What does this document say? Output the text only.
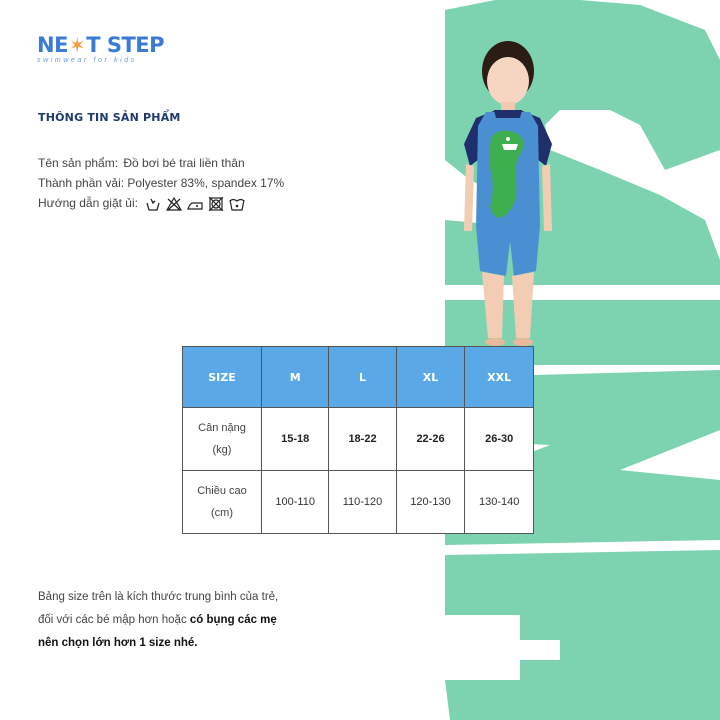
NE ✶ T STEP
swimwear for kids
THÔNG TIN SẢN PHẨM
Tên sản phẩm: Đồ bơi bé trai liền thân
Thành phần vải: Polyester 83%, spandex 17%
Hướng dẫn giặt ủi:
SIZE	M	L	XL	XXL

Cân nặng
(kg)	15-18	18-22	22-26	26-30

Chiều cao
(cm)	100-110	110-120	120-130	130-140
Bảng size trên là kích thước trung bình của trẻ,
đối với các bé mập hơn hoặc có bụng các mẹ
nên chọn lớn hơn 1 size nhé.
